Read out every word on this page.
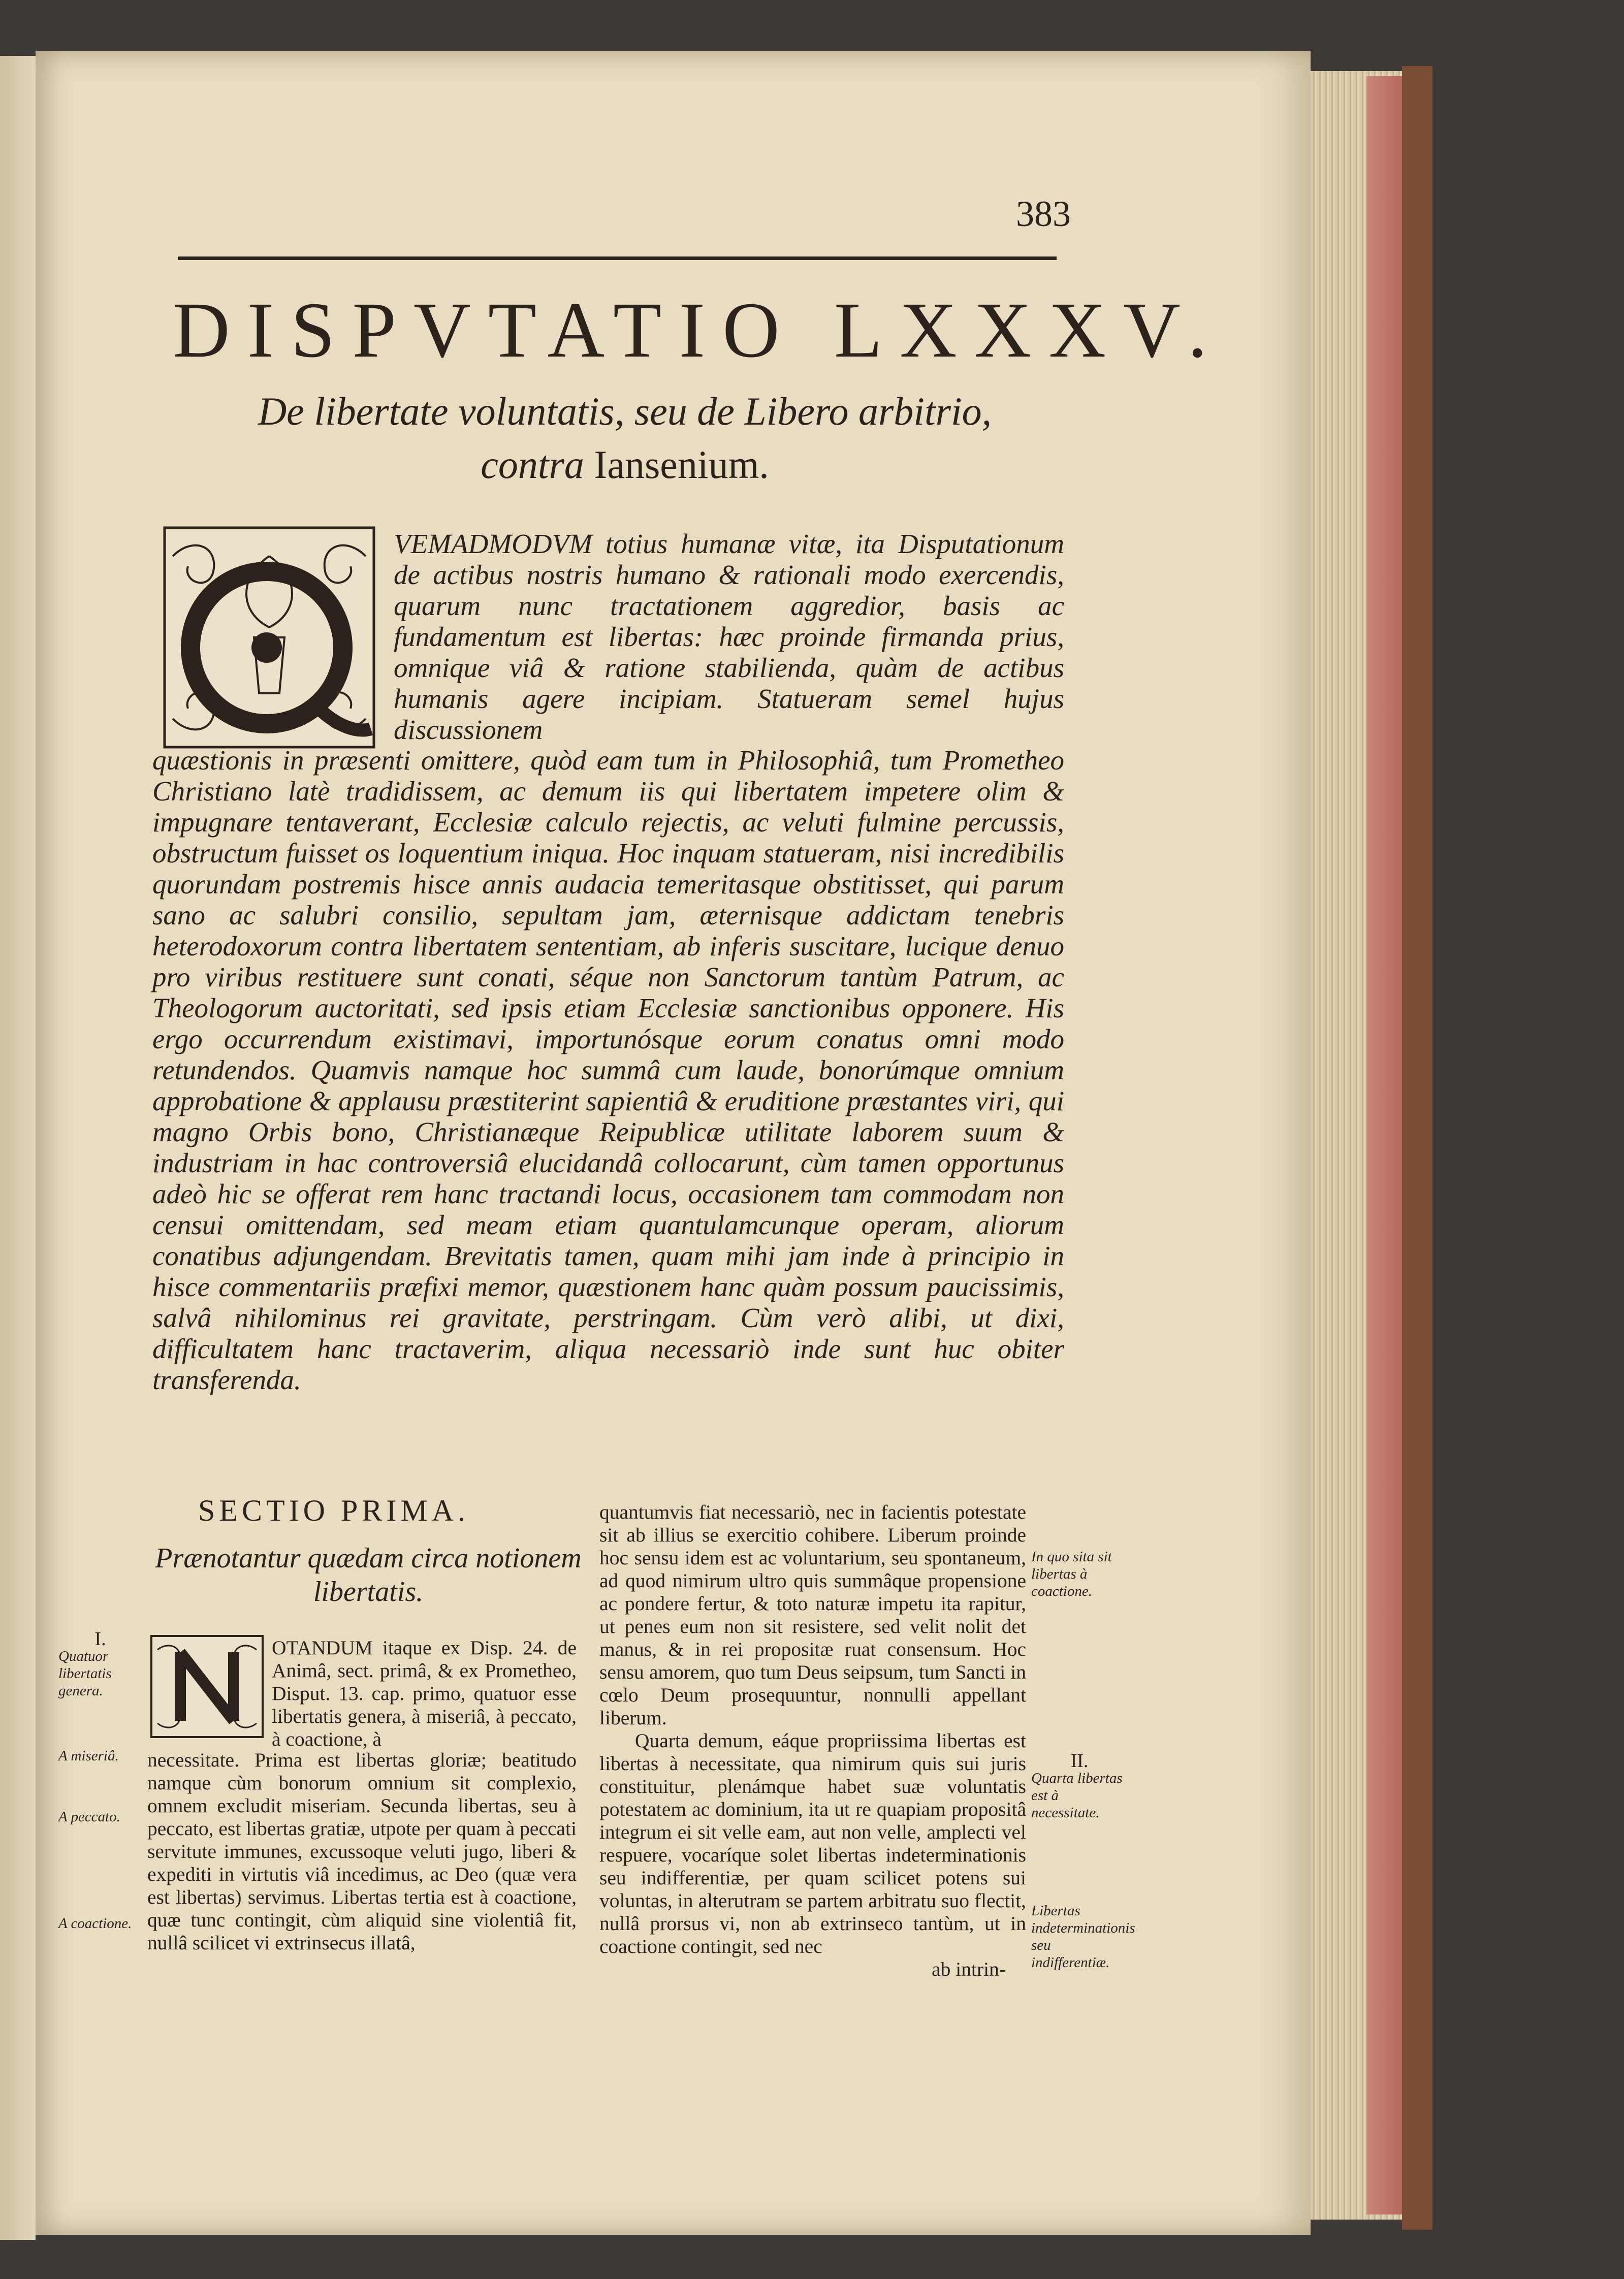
383
DISPVTATIO LXXXV.
De libertate voluntatis, seu de Libero arbitrio,
contra Iansenium.
Q
VEMADMODVM totius humanæ vitæ, ita Disputationum de actibus nostris humano & rationali modo exercendis, quarum nunc tractationem aggredior, basis ac fundamentum est libertas: hæc proinde firmanda prius, omnique viâ & ratione stabilienda, quàm de actibus humanis agere incipiam. Statueram semel hujus discussionem
quæstionis in præsenti omittere, quòd eam tum in Philosophiâ, tum Prometheo Christiano latè tradidissem, ac demum iis qui libertatem impetere olim & impugnare tentaverant, Ecclesiæ calculo rejectis, ac veluti fulmine percussis, obstructum fuisset os loquentium iniqua. Hoc inquam statueram, nisi incredibilis quorundam postremis hisce annis audacia temeritasque obstitisset, qui parum sano ac salubri consilio, sepultam jam, æternisque addictam tenebris heterodoxorum contra libertatem sententiam, ab inferis suscitare, lucique denuo pro viribus restituere sunt conati, séque non Sanctorum tantùm Patrum, ac Theologorum auctoritati, sed ipsis etiam Ecclesiæ sanctionibus opponere. His ergo occurrendum existimavi, importunósque eorum conatus omni modo retundendos. Quamvis namque hoc summâ cum laude, bonorúmque omnium approbatione & applausu præstiterint sapientiâ & eruditione præstantes viri, qui magno Orbis bono, Christianæque Reipublicæ utilitate laborem suum & industriam in hac controversiâ elucidandâ collocarunt, cùm tamen opportunus adeò hic se offerat rem hanc tractandi locus, occasionem tam commodam non censui omittendam, sed meam etiam quantulamcunque operam, aliorum conatibus adjungendam. Brevitatis tamen, quam mihi jam inde à principio in hisce commentariis præfixi memor, quæstionem hanc quàm possum paucissimis, salvâ nihilominus rei gravitate, perstringam. Cùm verò alibi, ut dixi, difficultatem hanc tractaverim, aliqua necessariò inde sunt huc obiter transferenda.
SECTIO PRIMA.
Prænotantur quædam circa notionem libertatis.
OTANDUM itaque ex Disp. 24. de Animâ, sect. primâ, & ex Prometheo, Disput. 13. cap. primo, quatuor esse libertatis genera, à miseriâ, à peccato, à coactione, à
necessitate. Prima est libertas gloriæ; beatitudo namque cùm bonorum omnium sit complexio, omnem excludit miseriam. Secunda libertas, seu à peccato, est libertas gratiæ, utpote per quam à peccati servitute immunes, excussoque veluti jugo, liberi & expediti in virtutis viâ incedimus, ac Deo (quæ vera est libertas) servimus. Libertas tertia est à coactione, quæ tunc contingit, cùm aliquid sine violentiâ fit, nullâ scilicet vi extrinsecus illatâ,
quantumvis fiat necessariò, nec in facientis potestate sit ab illius se exercitio cohibere. Liberum proinde hoc sensu idem est ac voluntarium, seu spontaneum, ad quod nimirum ultro quis summâque propensione ac pondere fertur, & toto naturæ impetu ita rapitur, ut penes eum non sit resistere, sed velit nolit det manus, & in rei propositæ ruat consensum. Hoc sensu amorem, quo tum Deus seipsum, tum Sancti in cœlo Deum prosequuntur, nonnulli appellant liberum.
Quarta demum, eáque propriissima libertas est libertas à necessitate, qua nimirum quis sui juris constituitur, plenámque habet suæ voluntatis potestatem ac dominium, ita ut re quapiam propositâ integrum ei sit velle eam, aut non velle, amplecti vel respuere, vocaríque solet libertas indeterminationis seu indifferentiæ, per quam scilicet potens sui voluntas, in alterutram se partem arbitratu suo flectit, nullâ prorsus vi, non ab extrinseco tantùm, ut in coactione contingit, sed nec
ab intrin-
I.
Quatuor libertatis genera.
A miseriâ.
A peccato.
A coactione.
In quo sita sit libertas à coactione.
II.
Quarta libertas est à necessitate.
Libertas indeterminationis seu indifferentiæ.
